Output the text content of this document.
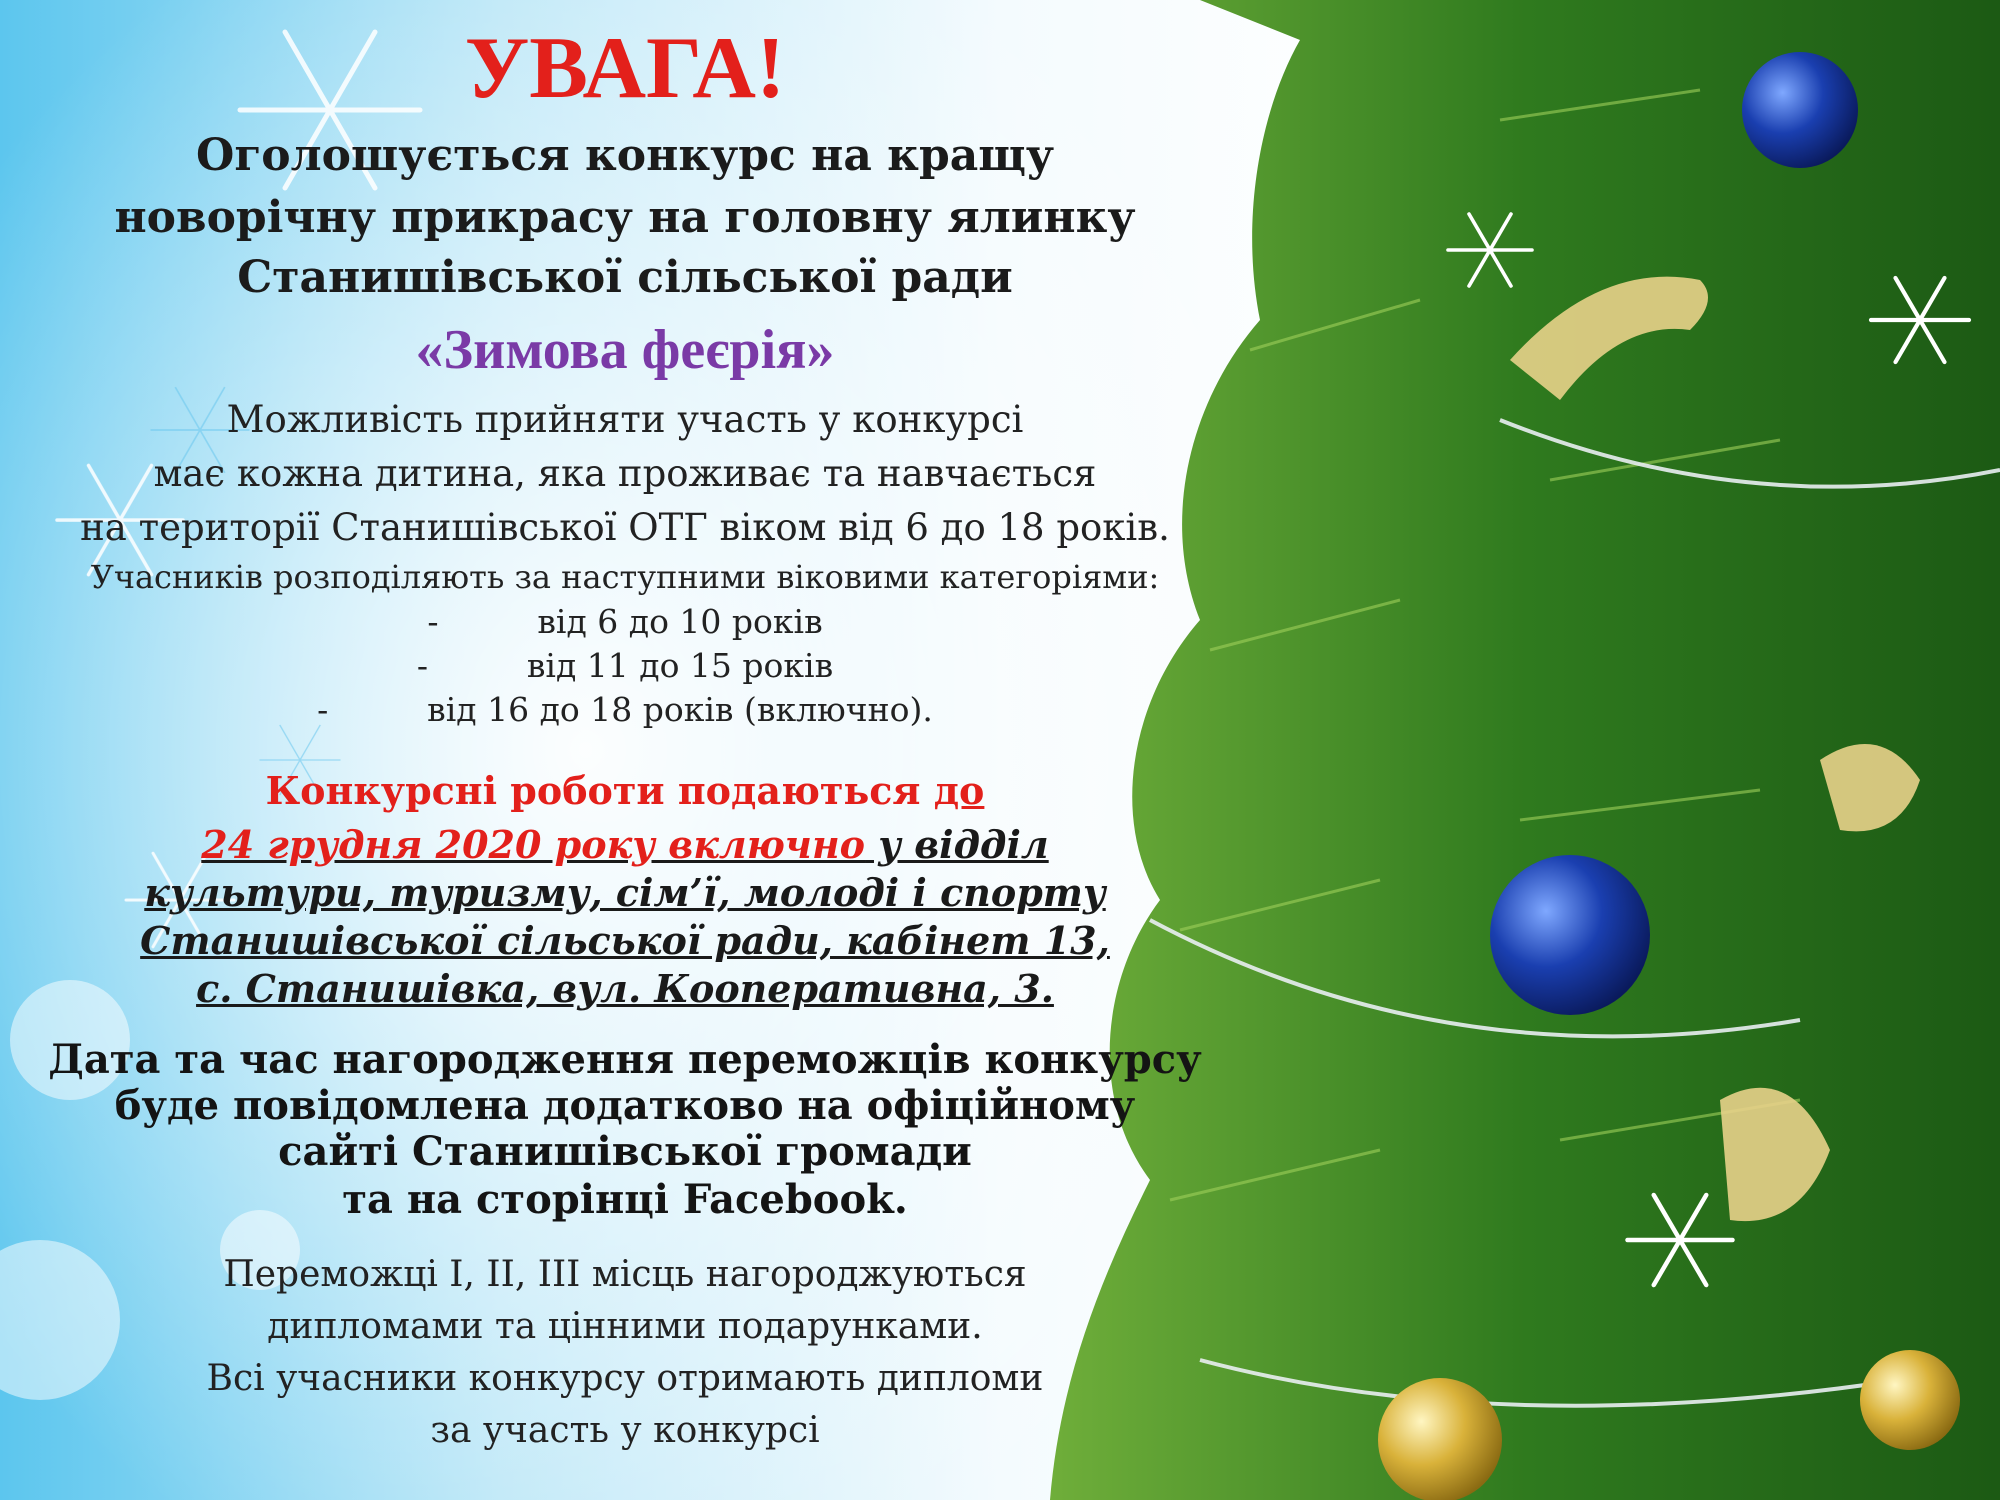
УВАГА!
Оголошується конкурс на кращу
новорічну прикрасу на головну ялинку
Станишівської сільської ради
«Зимова феєрія»
Можливість прийняти участь у конкурсі
має кожна дитина, яка проживає та навчається
на території Станишівської ОТГ віком від 6 до 18 років.
Учасників розподіляють за наступними віковими категоріями:
-	від 6 до 10 років
-	від 11 до 15 років
-	від 16 до 18 років (включно).
Конкурсні роботи подаються до
24 грудня 2020 року включно у відділ
культури, туризму, сім’ї, молоді і спорту
Станишівської сільської ради, кабінет 13,
с. Станишівка, вул. Кооперативна, 3.
Дата та час нагородження переможців конкурсу
буде повідомлена додатково на офіційному
сайті Станишівської громади
та на сторінці Facebook.
Переможці I, II, III місць нагороджуються
дипломами та цінними подарунками.
Всі учасники конкурсу отримають дипломи
за участь у конкурсі
